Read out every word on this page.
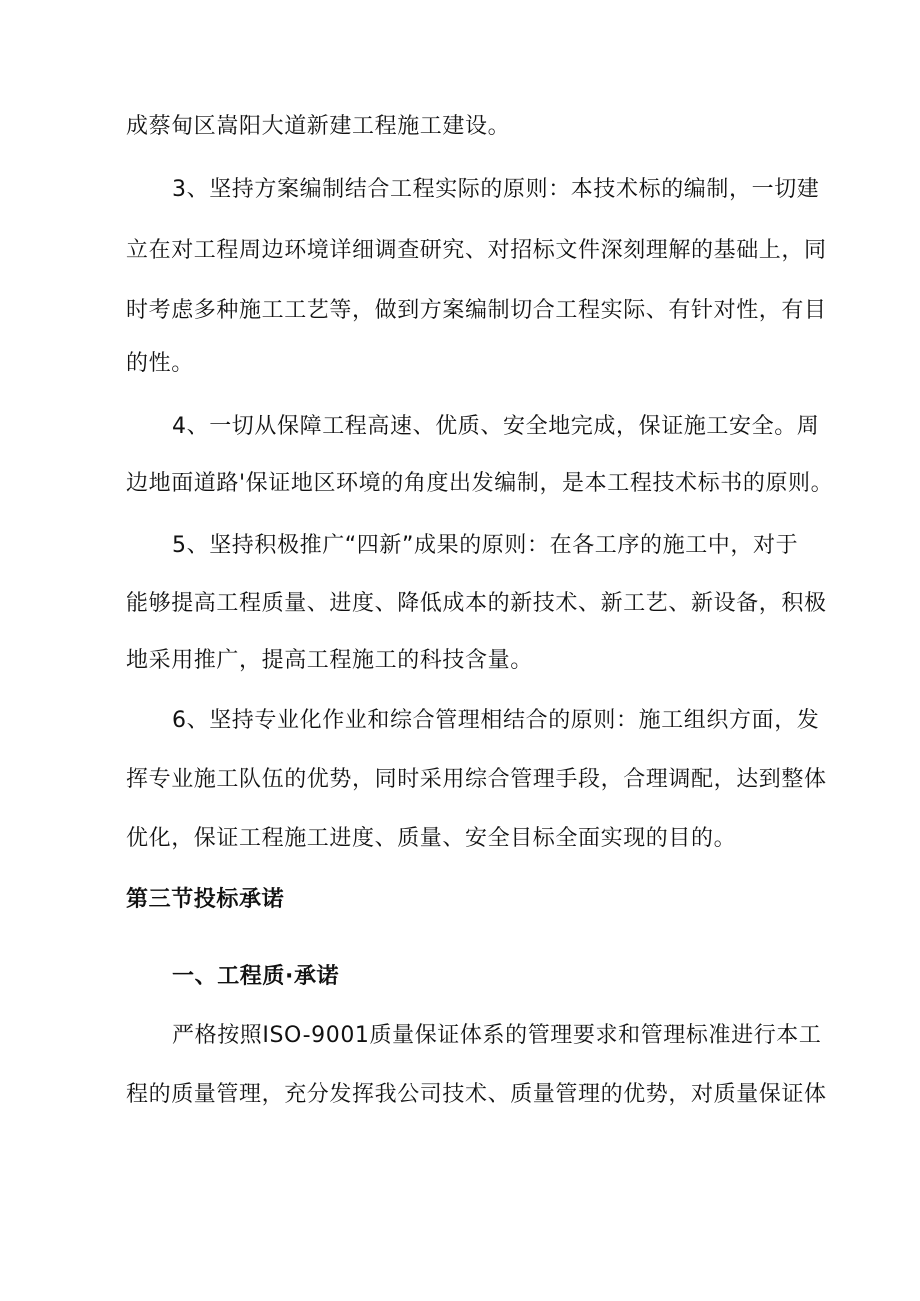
成蔡甸区嵩阳大道新建工程施工建设。
3、坚持方案编制结合工程实际的原则：本技术标的编制，一切建
立在对工程周边环境详细调查研究、对招标文件深刻理解的基础上，同
时考虑多种施工工艺等，做到方案编制切合工程实际、有针对性，有目
的性。
4、一切从保障工程高速、优质、安全地完成，保证施工安全。周
边地面道路'保证地区环境的角度出发编制，是本工程技术标书的原则。
5、坚持积极推广“四新”成果的原则：在各工序的施工中，对于
能够提高工程质量、进度、降低成本的新技术、新工艺、新设备，积极
地采用推广，提高工程施工的科技含量。
6、坚持专业化作业和综合管理相结合的原则：施工组织方面，发
挥专业施工队伍的优势，同时采用综合管理手段，合理调配，达到整体
优化，保证工程施工进度、质量、安全目标全面实现的目的。
第三节投标承诺
一、工程质·承诺
严格按照ISO-9001质量保证体系的管理要求和管理标准进行本工
程的质量管理，充分发挥我公司技术、质量管理的优势，对质量保证体
